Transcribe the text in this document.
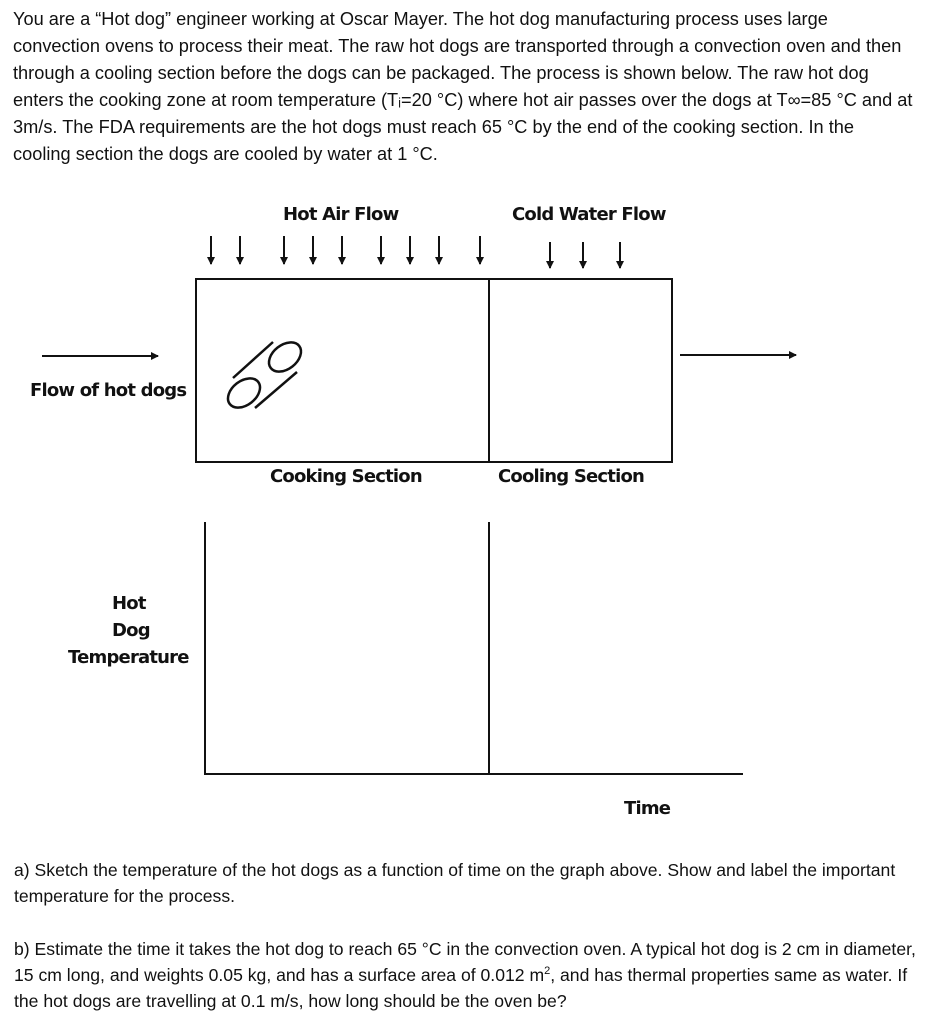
You are a “Hot dog” engineer working at Oscar Mayer. The hot dog manufacturing process uses large convection ovens to process their meat. The raw hot dogs are transported through a convection oven and then through a cooling section before the dogs can be packaged. The process is shown below. The raw hot dog enters the cooking zone at room temperature (Tᵢ=20 °C) where hot air passes over the dogs at T∞=85 °C and at 3m/s. The FDA requirements are the hot dogs must reach 65 °C by the end of the cooking section. In the cooling section the dogs are cooled by water at 1 °C.

Hot Air Flow	Cold Water Flow
Flow of hot dogs
Cooking Section	Cooling Section
Hot
Dog
Temperature
Time

a) Sketch the temperature of the hot dogs as a function of time on the graph above. Show and label the important temperature for the process.

b) Estimate the time it takes the hot dog to reach 65 °C in the convection oven. A typical hot dog is 2 cm in diameter, 15 cm long, and weights 0.05 kg, and has a surface area of 0.012 $m^2$, and has thermal properties same as water. If the hot dogs are travelling at 0.1 m/s, how long should be the oven be?
